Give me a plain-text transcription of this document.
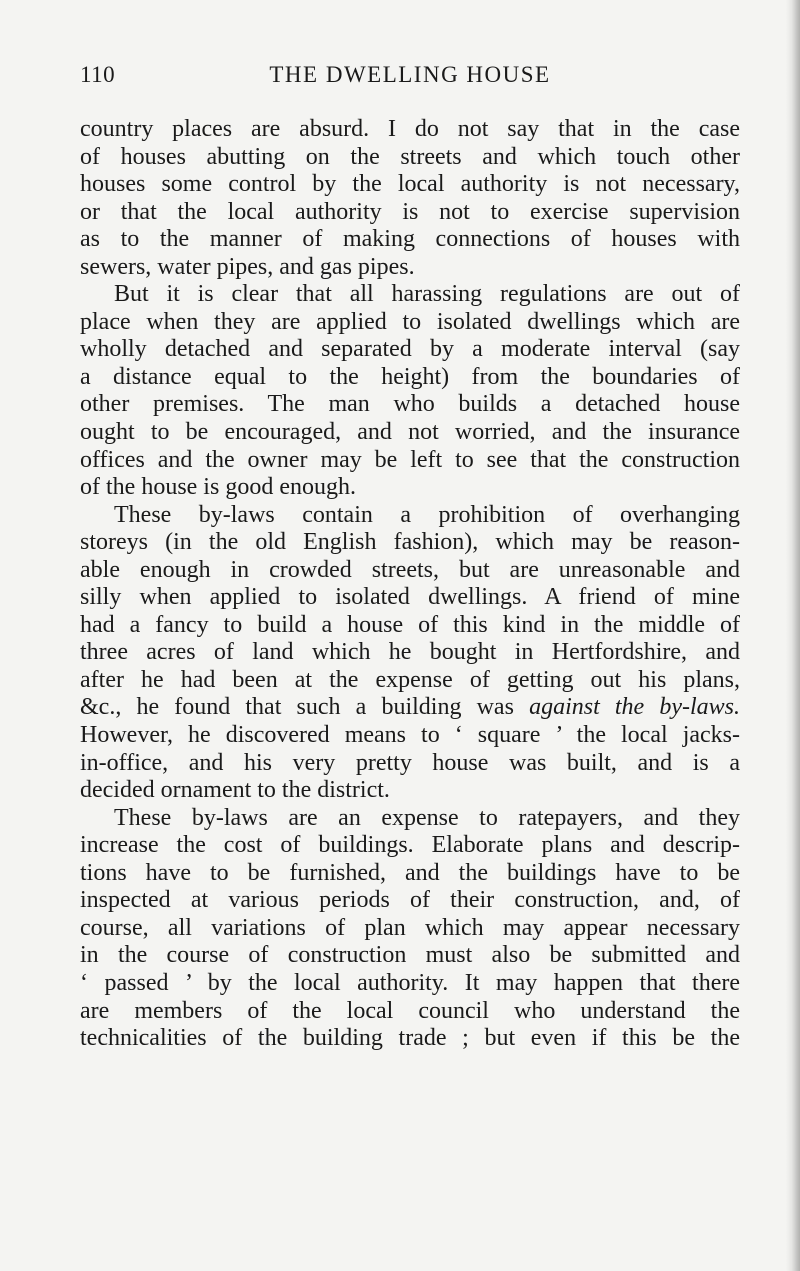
110	THE DWELLING HOUSE
country places are absurd. I do not say that in the case
of houses abutting on the streets and which touch other
houses some control by the local authority is not necessary,
or that the local authority is not to exercise supervision
as to the manner of making connections of houses with
sewers, water pipes, and gas pipes.
But it is clear that all harassing regulations are out of
place when they are applied to isolated dwellings which are
wholly detached and separated by a moderate interval (say
a distance equal to the height) from the boundaries of
other premises. The man who builds a detached house
ought to be encouraged, and not worried, and the insurance
offices and the owner may be left to see that the construction
of the house is good enough.
These by-laws contain a prohibition of overhanging
storeys (in the old English fashion), which may be reason-
able enough in crowded streets, but are unreasonable and
silly when applied to isolated dwellings. A friend of mine
had a fancy to build a house of this kind in the middle of
three acres of land which he bought in Hertfordshire, and
after he had been at the expense of getting out his plans,
&c., he found that such a building was against the by-laws.
However, he discovered means to ‘ square ’ the local jacks-
in-office, and his very pretty house was built, and is a
decided ornament to the district.
These by-laws are an expense to ratepayers, and they
increase the cost of buildings. Elaborate plans and descrip-
tions have to be furnished, and the buildings have to be
inspected at various periods of their construction, and, of
course, all variations of plan which may appear necessary
in the course of construction must also be submitted and
‘ passed ’ by the local authority. It may happen that there
are members of the local council who understand the
technicalities of the building trade ; but even if this be the
